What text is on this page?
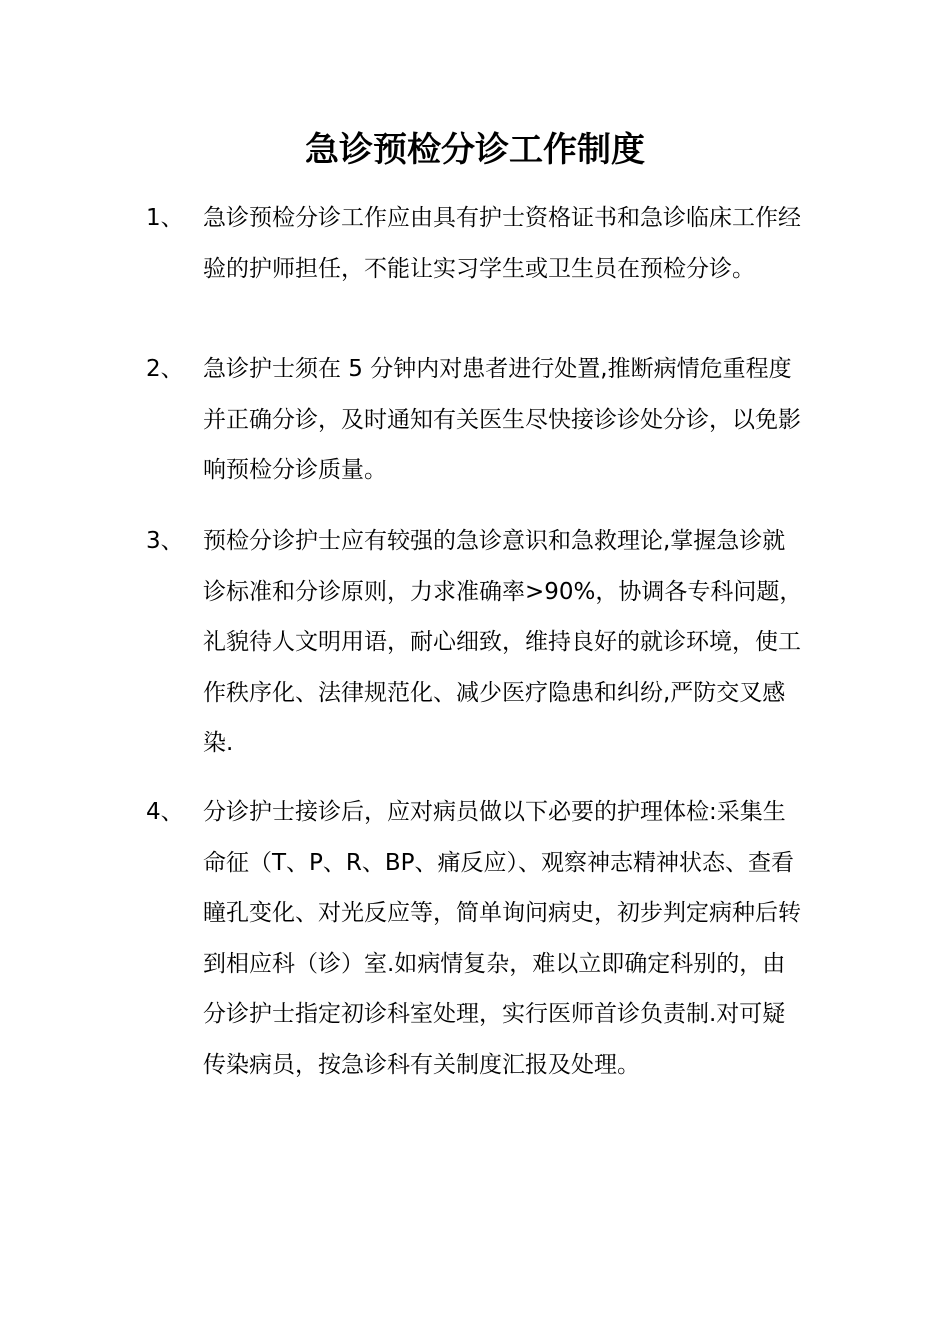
急诊预检分诊工作制度
1、 急诊预检分诊工作应由具有护士资格证书和急诊临床工作经验的护师担任，不能让实习学生或卫生员在预检分诊。

2、 急诊护士须在 5 分钟内对患者进行处置,推断病情危重程度并正确分诊，及时通知有关医生尽快接诊诊处分诊，以免影响预检分诊质量。

3、 预检分诊护士应有较强的急诊意识和急救理论,掌握急诊就诊标准和分诊原则，力求准确率>90%，协调各专科问题，礼貌待人文明用语，耐心细致，维持良好的就诊环境，使工作秩序化、法律规范化、减少医疗隐患和纠纷,严防交叉感染.

4、 分诊护士接诊后，应对病员做以下必要的护理体检:采集生命征（T、P、R、BP、痛反应）、观察神志精神状态、查看瞳孔变化、对光反应等，简单询问病史，初步判定病种后转到相应科（诊）室.如病情复杂，难以立即确定科别的，由分诊护士指定初诊科室处理，实行医师首诊负责制.对可疑传染病员，按急诊科有关制度汇报及处理。
